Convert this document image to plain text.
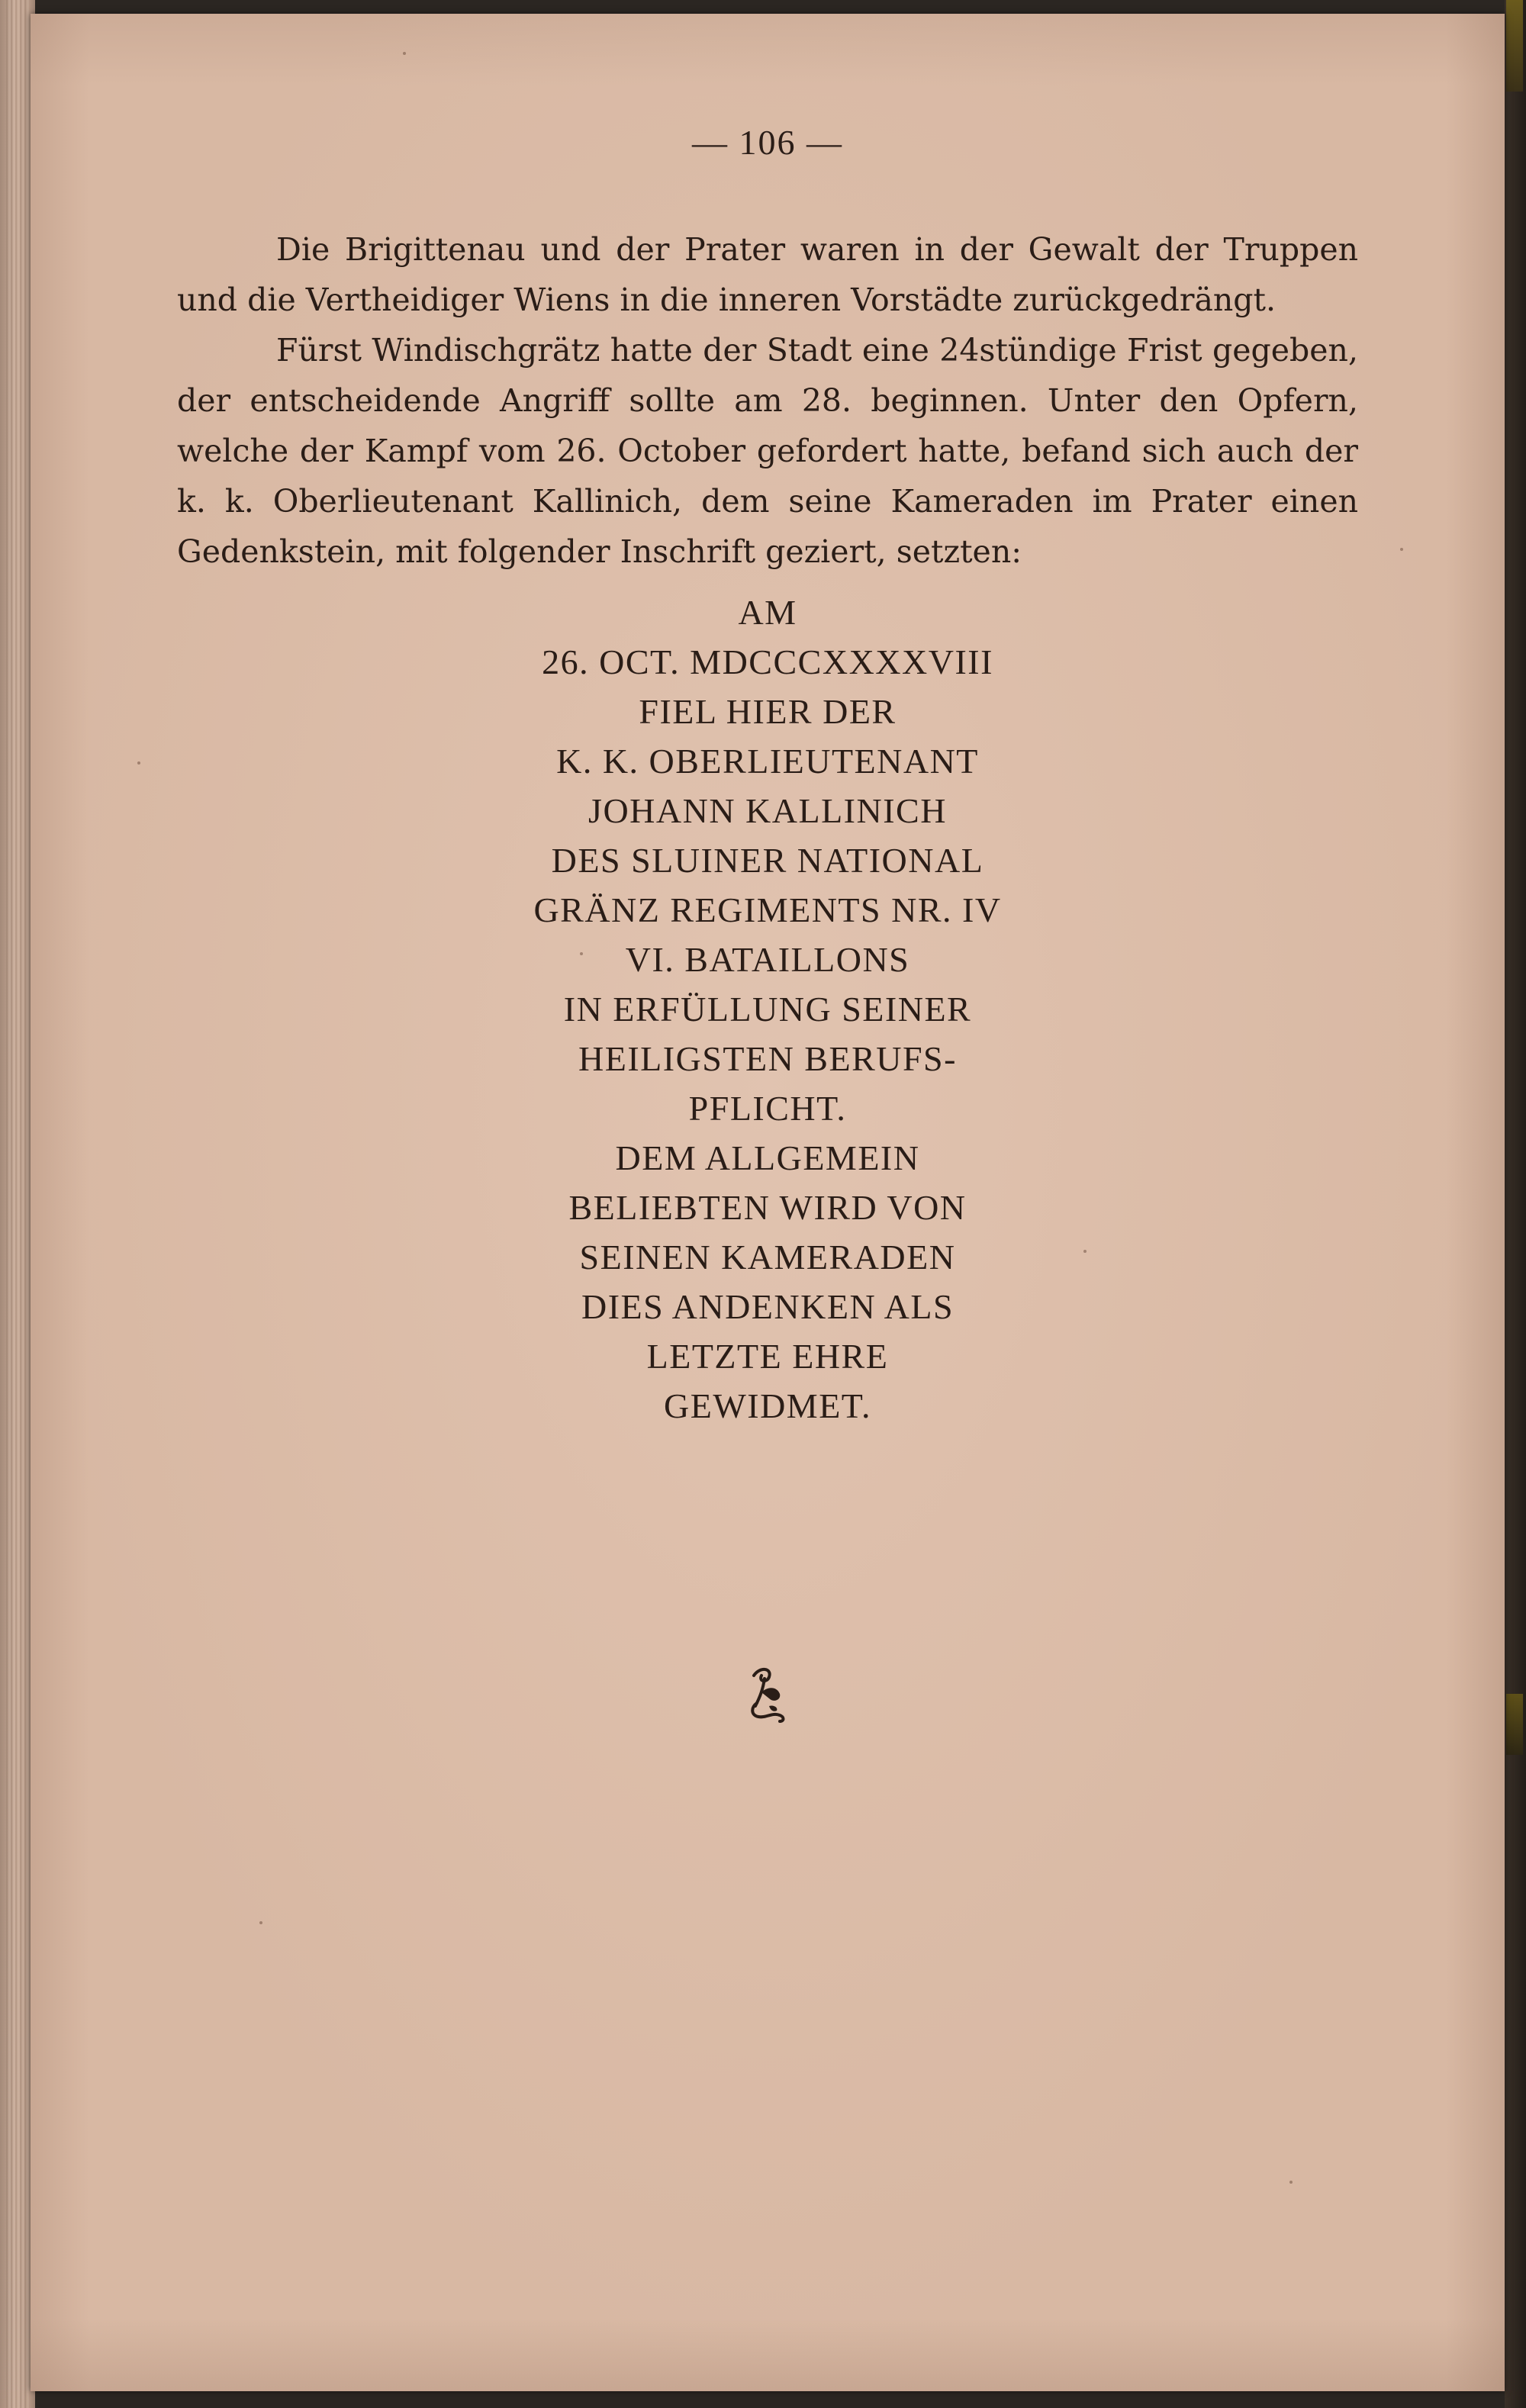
— 106 —

Die Brigittenau und der Prater waren in der Gewalt der Truppen und die Vertheidiger Wiens in die inneren Vorstädte zurückgedrängt.

Fürst Windischgrätz hatte der Stadt eine 24stündige Frist gegeben, der entscheidende Angriff sollte am 28. beginnen. Unter den Opfern, welche der Kampf vom 26. October gefordert hatte, befand sich auch der k. k. Oberlieutenant Kallinich, dem seine Kameraden im Prater einen Gedenkstein, mit folgender Inschrift geziert, setzten:

AM
26. OCT. MDCCCXXXXVIII
FIEL HIER DER
K. K. OBERLIEUTENANT
JOHANN KALLINICH
DES SLUINER NATIONAL
GRÄNZ REGIMENTS NR. IV
VI. BATAILLONS
IN ERFÜLLUNG SEINER
HEILIGSTEN BERUFS-
PFLICHT.
DEM ALLGEMEIN
BELIEBTEN WIRD VON
SEINEN KAMERADEN
DIES ANDENKEN ALS
LETZTE EHRE
GEWIDMET.
